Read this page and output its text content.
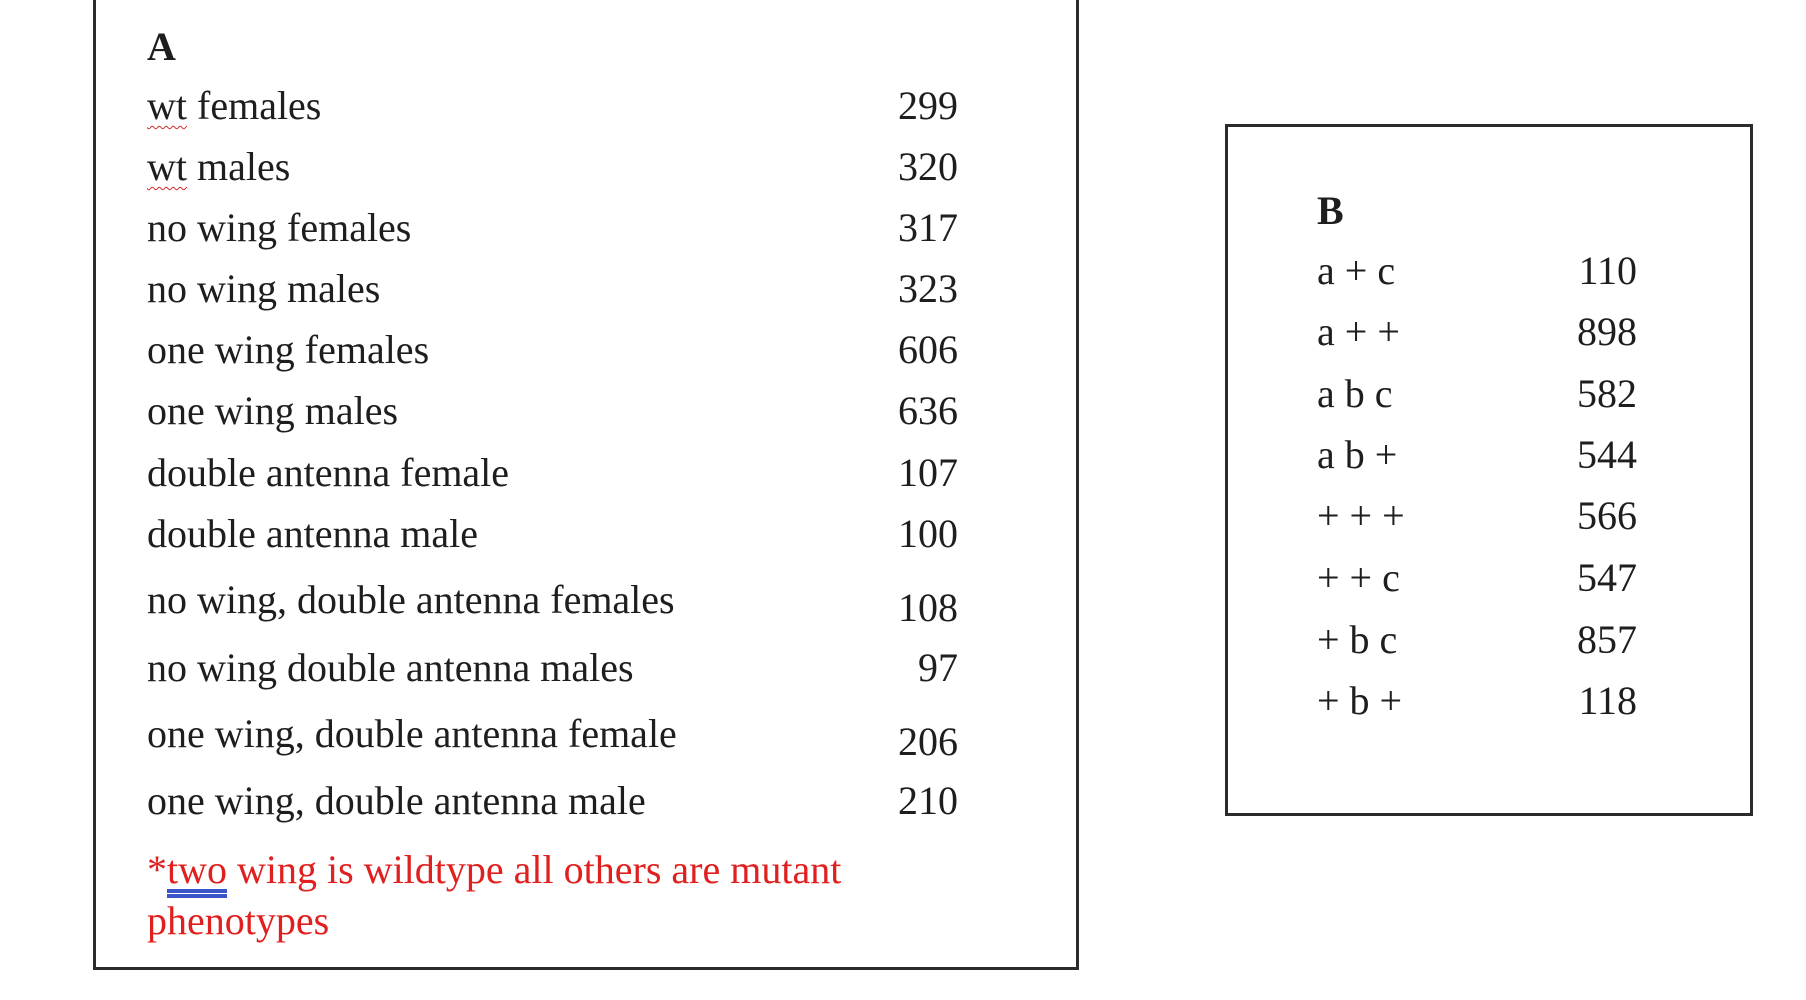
A
wt females	299
wt males	320
no wing females	317
no wing males	323
one wing females	606
one wing males	636
double antenna female	107
double antenna male	100
no wing, double antenna females	108
no wing double antenna males	97
one wing, double antenna female	206
one wing, double antenna male	210
*two wing is wildtype all others are mutant phenotypes
B
a + c	110
a + +	898
a b c	582
a b +	544
+ + +	566
+ + c	547
+ b c	857
+ b +	118
